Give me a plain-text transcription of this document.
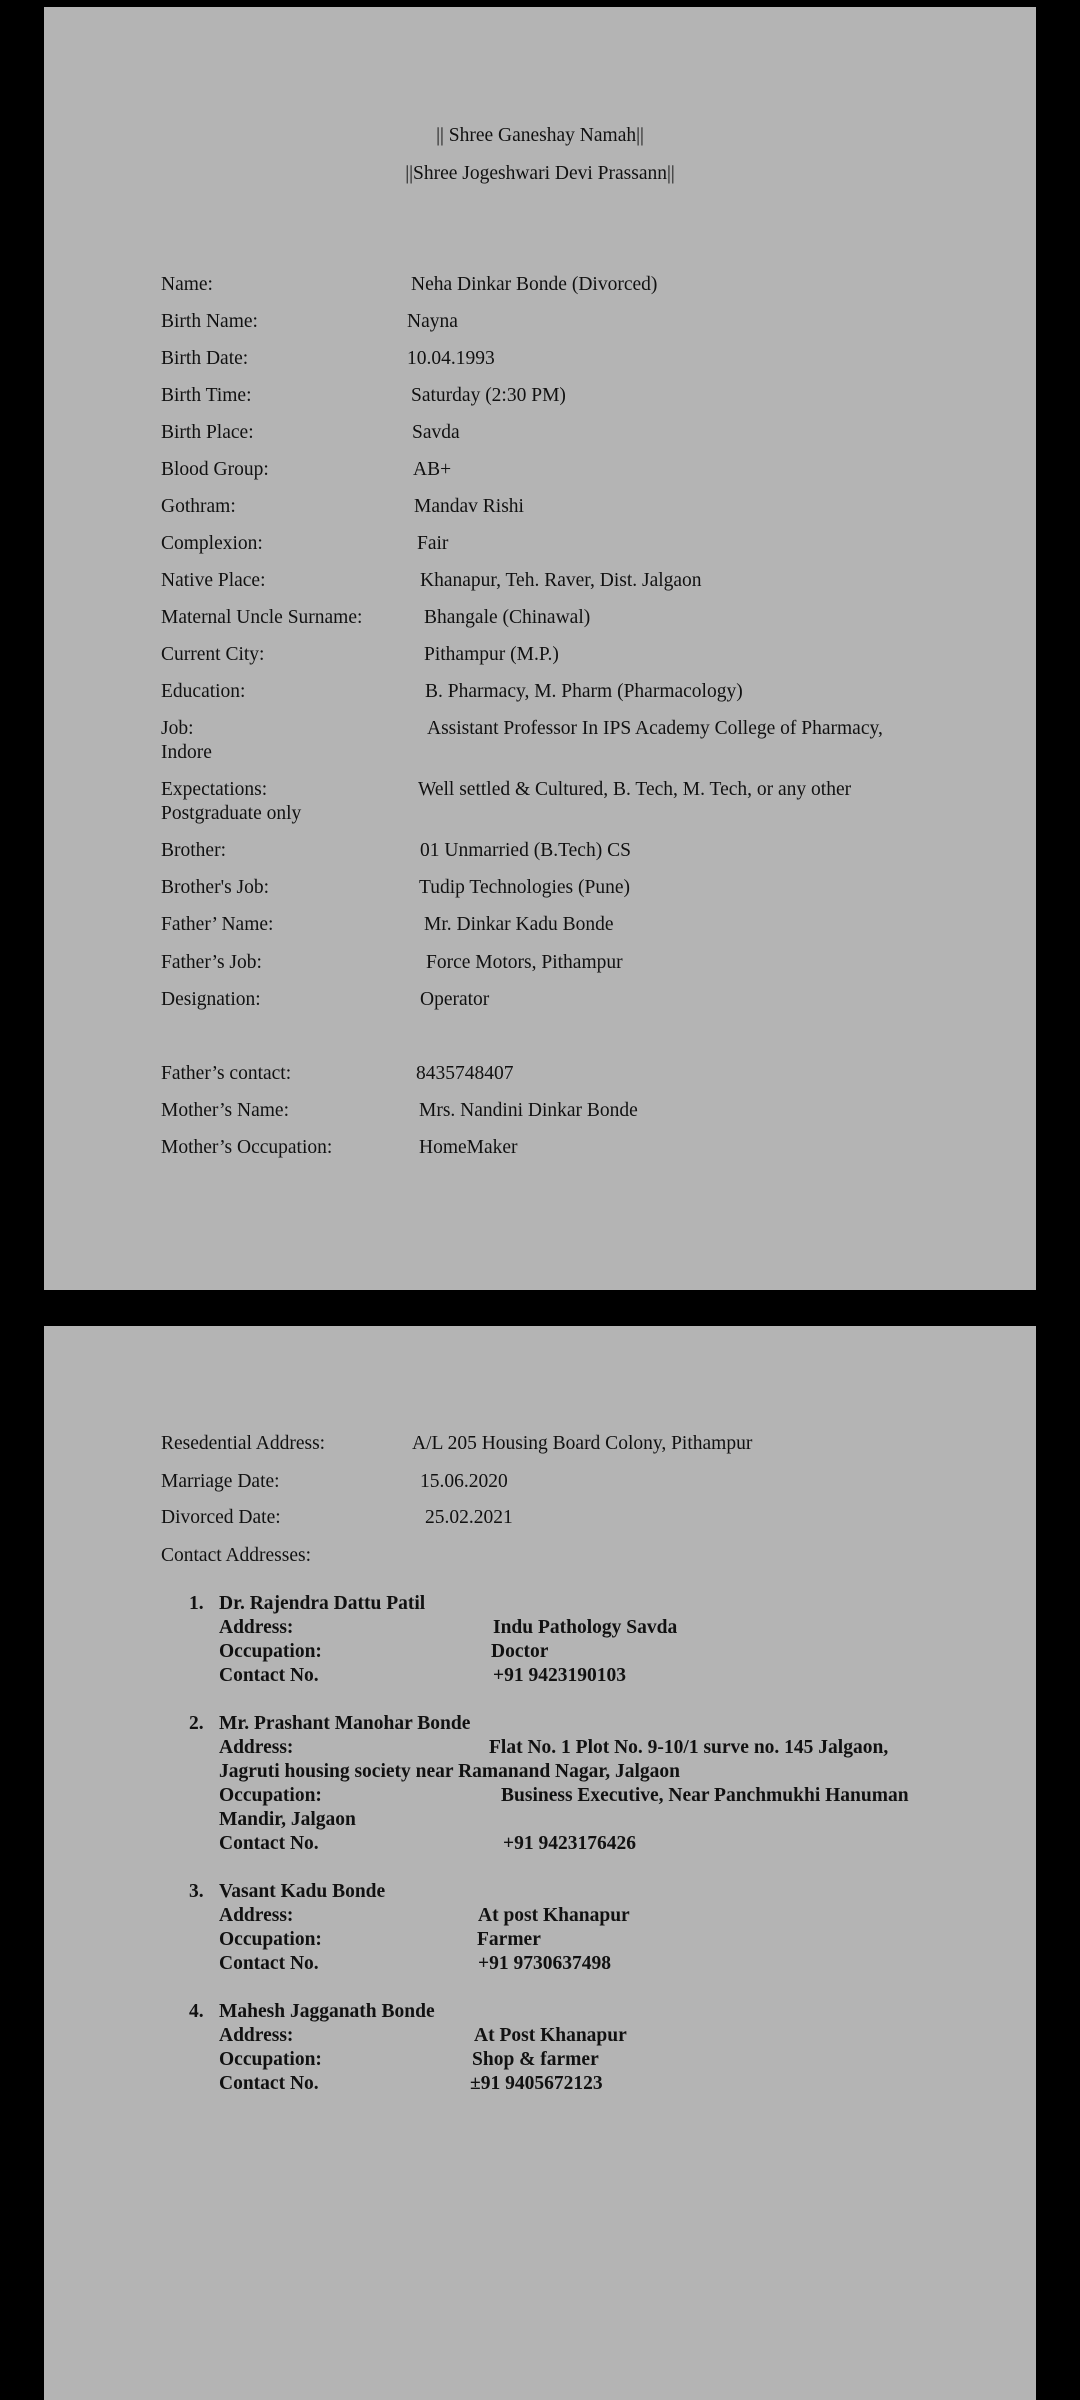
|| Shree Ganeshay Namah||
||Shree Jogeshwari Devi Prassann||
Name:	Neha Dinkar Bonde (Divorced)
Birth Name:	Nayna
Birth Date:	10.04.1993
Birth Time:	Saturday (2:30 PM)
Birth Place:	Savda
Blood Group:	AB+
Gothram:	Mandav Rishi
Complexion:	Fair
Native Place:	Khanapur, Teh. Raver, Dist. Jalgaon
Maternal Uncle Surname:	Bhangale (Chinawal)
Current City:	Pithampur (M.P.)
Education:	B. Pharmacy, M. Pharm (Pharmacology)
Job:	Assistant Professor In IPS Academy College of Pharmacy,
Indore
Expectations:	Well settled & Cultured, B. Tech, M. Tech, or any other
Postgraduate only
Brother:	01 Unmarried (B.Tech) CS
Brother's Job:	Tudip Technologies (Pune)
Father’ Name:	Mr. Dinkar Kadu Bonde
Father’s Job:	Force Motors, Pithampur
Designation:	Operator
Father’s contact:	8435748407
Mother’s Name:	Mrs. Nandini Dinkar Bonde
Mother’s Occupation:	HomeMaker
Resedential Address:	A/L 205 Housing Board Colony, Pithampur
Marriage Date:	15.06.2020
Divorced Date:	25.02.2021
Contact Addresses:
1. Dr. Rajendra Dattu Patil
Address:	Indu Pathology Savda
Occupation:	Doctor
Contact No.	+91 9423190103
2. Mr. Prashant Manohar Bonde
Address:	Flat No. 1 Plot No. 9-10/1 surve no. 145 Jalgaon,
Jagruti housing society near Ramanand Nagar, Jalgaon
Occupation:	Business Executive, Near Panchmukhi Hanuman
Mandir, Jalgaon
Contact No.	+91 9423176426
3. Vasant Kadu Bonde
Address:	At post Khanapur
Occupation:	Farmer
Contact No.	+91 9730637498
4. Mahesh Jagganath Bonde
Address:	At Post Khanapur
Occupation:	Shop & farmer
Contact No.	±91 9405672123
